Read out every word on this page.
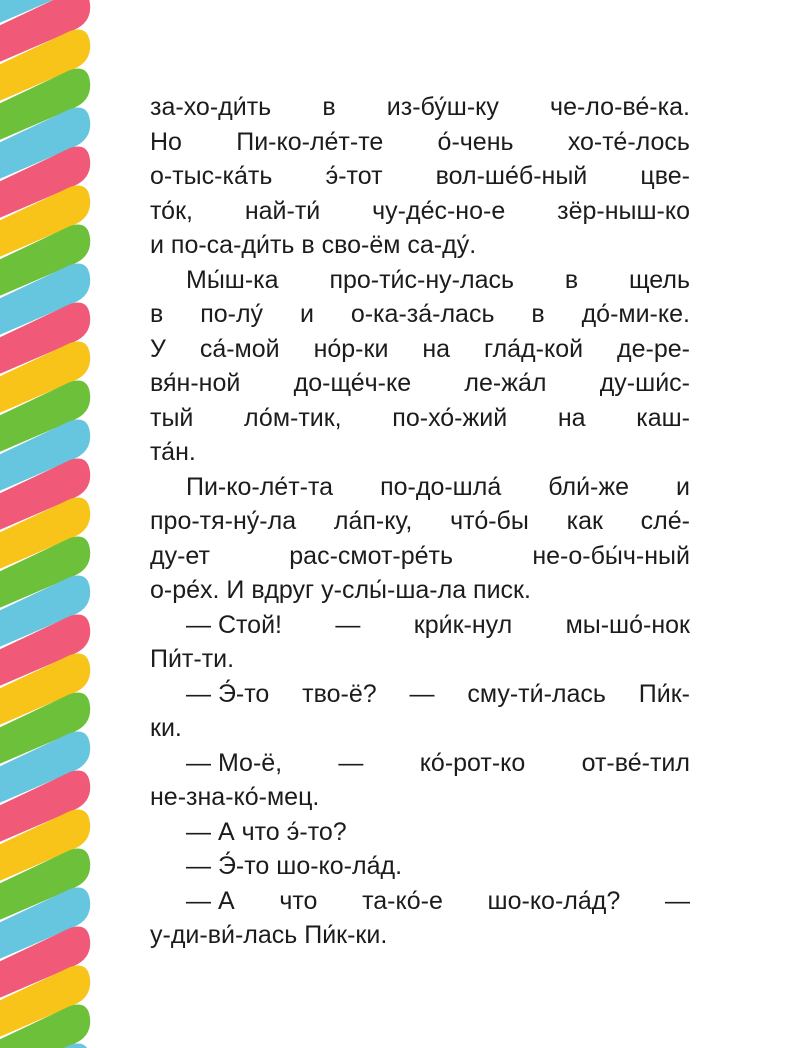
за-хо-ди́ть в из-бу́ш-ку че-ло-ве́-ка.
Но Пи-ко-ле́т-те о́-чень хо-те́-лось
о-тыс-ка́ть э́-тот вол-ше́б-ный цве-
то́к, най-ти́ чу-де́с-но-е зёр-ныш-ко
и по-са-ди́ть в сво-ём са-ду́.
Мы́ш-ка про-ти́с-ну-лась в щель
в по-лу́ и о-ка-за́-лась в до́-ми-ке.
У са́-мой но́р-ки на гла́д-кой де-ре-
вя́н-ной до-ще́ч-ке ле-жа́л ду-ши́с-
тый ло́м-тик, по-хо́-жий на каш-
та́н.
Пи-ко-ле́т-та по-до-шла́ бли́-же и
про-тя-ну́-ла ла́п-ку, что́-бы как сле́-
ду-ет	рас-смот-ре́ть	не-о-бы́ч-ный
о-ре́х. И вдруг у-слы́-ша-ла писк.
— Стой! — кри́к-нул мы-шо́-нок
Пи́т-ти.
— Э́-то тво-ё? — сму-ти́-лась Пи́к-
ки.
— Мо-ё, — ко́-рот-ко от-ве́-тил
не-зна-ко́-мец.
— А что э́-то?
— Э́-то шо-ко-ла́д.
— А что та-ко́-е шо-ко-ла́д? —
у-ди-ви́-лась Пи́к-ки.
